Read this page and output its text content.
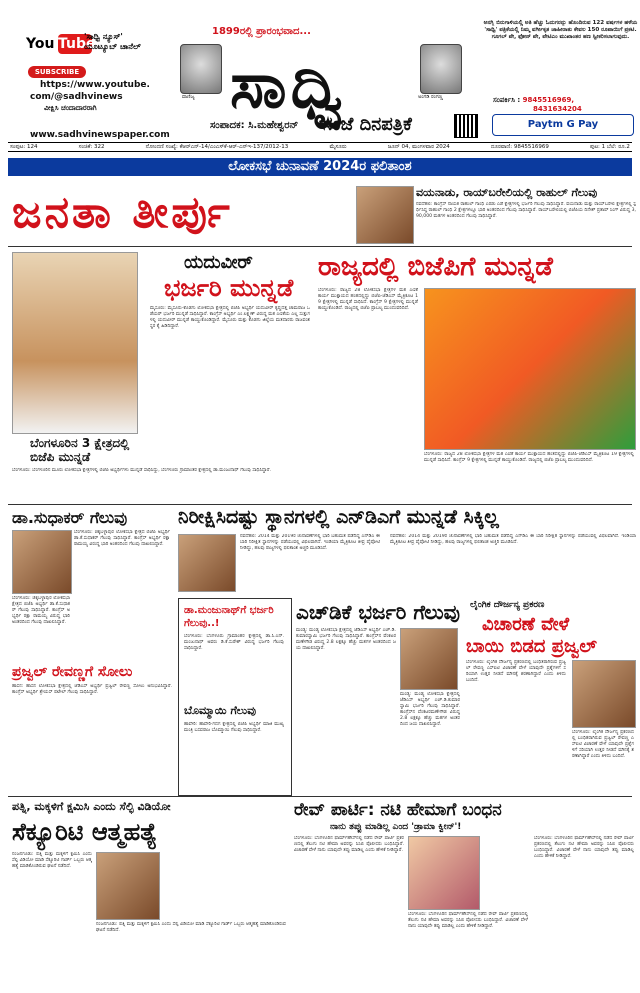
You Tube
'ಸಾಧ್ವಿ ನ್ಯೂಸ್' ಯೂಟ್ಯೂಬ್ ಚಾನೆಲ್
SUBSCRIBE
https://www.youtube.
com/@sadhvinews
ವೀಕ್ಷಿಸಿ ಚಂದಾದಾರರಾಗಿ
www.sadhvinewspaper.com
1899ರಲ್ಲಿ ಪ್ರಾರಂಭವಾದ...
ವಾಣಿಜ್ಯ ಸಾಧ್ವಿ	ಅಂಗಡಿ ರಂಗಣ್ಣ
ಸಂಪಾದಕ: ಸಿ.ಮಹೇಶ್ವರನ್ ಸಂಜೆ ದಿನಪತ್ರಿಕೆ
ಅನಗ್ನಿ ಬಿರುಗಾಳಿಯಲ್ಲಿ ಅತಿ ಹೆಚ್ಚು ಓದುಗರನ್ನು ಹೊಂದಿರುವ 122 ವರ್ಷಗಳ ಹಳೆಯ 'ಸಾಧ್ವಿ' ಪತ್ರಿಕೆಯಲ್ಲಿ ನಿಮ್ಮ ವರ್ಗೀಕೃತ ಜಾಹೀರಾತು ಕೇವಲ 150 ರೂಪಾಯಿಗೆ ಪ್ರಕಟಿ. ಗೂಗಲ್ ಪೇ, ಫೋನ್ ಪೇ, ಪೇಟಿಎಂ ಮುಖಾಂತರ ಹಣ ಸ್ವೀಕರಿಸಲಾಗುವುದು.
ಸಂಪರ್ಕಿಸಿ : 9845516969,
8431634204
Paytm G Pay
ಸಂಪುಟ: 124	ಸಂಚಿಕೆ: 322	ನೋಂದಣಿ ಸಂಖ್ಯೆ: ಕೆಆರ್‌ಎನ್-14/ಎಂಎಸ್‌ಕೆ-ಆರ್-ಎನ್ಇ-137/2012-13	ಮೈಸೂರು	ಜೂನ್ 04, ಮಂಗಳವಾರ 2024	ದೂರವಾಣಿ: 9845516969	ಪುಟ: 1 ಬೆಲೆ: ರೂ.2
ಲೋಕಸಭೆ ಚುನಾವಣೆ 2024ರ ಫಲಿತಾಂಶ
ಜನತಾ ತೀರ್ಪು	ವಯನಾಡು, ರಾಯ್‌ಬರೇಲಿಯಲ್ಲಿ ರಾಹುಲ್ ಗೆಲುವು
ನವದೆಹಲಿ: ಕಾಂಗ್ರೆಸ್ ನಾಯಕ ರಾಹುಲ್ ಗಾಂಧಿ ಎರಡು ಎಡೆ ಕ್ಷೇತ್ರಗಳಲ್ಲಿ ಭರ್ಜರಿ ಗೆಲುವು ಸಾಧಿಸಿದ್ದಾರೆ. ವಯನಾಡು ಮತ್ತು ರಾಯ್‌ಬರೇಲಿ ಕ್ಷೇತ್ರಗಳಲ್ಲಿ ಸ್ಪರ್ಧಿಸಿದ್ದ ರಾಹುಲ್ ಗಾಂಧಿ 2 ಕ್ಷೇತ್ರಗಳಲ್ಲೂ ಭಾರಿ ಅಂತರದಿಂದ ಗೆಲುವು ಸಾಧಿಸಿದ್ದಾರೆ. ರಾಯ್‌ಬರೇಲಿಯಲ್ಲಿ ಬಿಜೆಪಿಯ ದಿನೇಶ್ ಪ್ರತಾಪ್ ಸಿಂಗ್ ವಿರುದ್ಧ 3,90,000 ಮತಗಳ ಅಂತರದಿಂದ ಗೆಲುವು ಸಾಧಿಸಿದ್ದಾರೆ.
ಯದುವೀರ್
ಭರ್ಜರಿ ಮುನ್ನಡೆ
ಮೈಸೂರು: ಮೈಸೂರು-ಕೊಡಗು ಲೋಕಸಭಾ ಕ್ಷೇತ್ರದಲ್ಲಿ ಬಿಜೆಪಿ ಅಭ್ಯರ್ಥಿ ಯದುವೀರ್ ಕೃಷ್ಣದತ್ತ ಚಾಮರಾಜ ಒಡೆಯರ್ ಭರ್ಜರಿ ಮುನ್ನಡೆ ಸಾಧಿಸಿದ್ದಾರೆ. ಕಾಂಗ್ರೆಸ್ ಅಭ್ಯರ್ಥಿ ಎಂ.ಲಕ್ಷ್ಮಣ್ ವಿರುದ್ಧ ಮತ ಎಣಿಕೆಯ ಎಲ್ಲ ಸುತ್ತುಗಳಲ್ಲಿ ಯದುವೀರ್ ಮುನ್ನಡೆ ಕಾಯ್ದುಕೊಂಡಿದ್ದಾರೆ. ಮೈಸೂರು ಮತ್ತು ಕೊಡಗು ಜಿಲ್ಲೆಯ ಮತದಾರರು ರಾಜವಂಶಸ್ಥರ ಕೈ ಹಿಡಿದಿದ್ದಾರೆ.
ಬೆಂಗಳೂರಿನ 3 ಕ್ಷೇತ್ರದಲ್ಲಿ ಬಿಜೆಪಿ ಮುನ್ನಡೆ
ಬೆಂಗಳೂರು: ಬೆಂಗಳೂರಿನ ಮೂರು ಲೋಕಸಭಾ ಕ್ಷೇತ್ರಗಳಲ್ಲಿ ಬಿಜೆಪಿ ಅಭ್ಯರ್ಥಿಗಳು ಮುನ್ನಡೆ ಸಾಧಿಸಿದ್ದು, ಬೆಂಗಳೂರು ಗ್ರಾಮಾಂತರ ಕ್ಷೇತ್ರದಲ್ಲಿ ಡಾ.ಮಂಜುನಾಥ್ ಗೆಲುವು ಸಾಧಿಸಿದ್ದಾರೆ.
ರಾಜ್ಯದಲ್ಲಿ ಬಿಜೆಪಿಗೆ ಮುನ್ನಡೆ
ಬೆಂಗಳೂರು: ರಾಜ್ಯದ 28 ಲೋಕಸಭಾ ಕ್ಷೇತ್ರಗಳ ಮತ ಎಣಿಕೆ ಕಾರ್ಯ ಮುಕ್ತಾಯದ ಹಂತದಲ್ಲಿದ್ದು ಬಿಜೆಪಿ-ಜೆಡಿಎಸ್ ಮೈತ್ರಿಕೂಟ 19 ಕ್ಷೇತ್ರಗಳಲ್ಲಿ ಮುನ್ನಡೆ ಸಾಧಿಸಿದೆ. ಕಾಂಗ್ರೆಸ್ 9 ಕ್ಷೇತ್ರಗಳಲ್ಲಿ ಮುನ್ನಡೆ ಕಾಯ್ದುಕೊಂಡಿದೆ. ರಾಜ್ಯದಲ್ಲಿ ಬಿಜೆಪಿ ಪ್ರಾಬಲ್ಯ ಮುಂದುವರಿದಿದೆ.
ಬೆಂಗಳೂರು: ರಾಜ್ಯದ 28 ಲೋಕಸಭಾ ಕ್ಷೇತ್ರಗಳ ಮತ ಎಣಿಕೆ ಕಾರ್ಯ ಮುಕ್ತಾಯದ ಹಂತದಲ್ಲಿದ್ದು ಬಿಜೆಪಿ-ಜೆಡಿಎಸ್ ಮೈತ್ರಿಕೂಟ 19 ಕ್ಷೇತ್ರಗಳಲ್ಲಿ ಮುನ್ನಡೆ ಸಾಧಿಸಿದೆ. ಕಾಂಗ್ರೆಸ್ 9 ಕ್ಷೇತ್ರಗಳಲ್ಲಿ ಮುನ್ನಡೆ ಕಾಯ್ದುಕೊಂಡಿದೆ. ರಾಜ್ಯದಲ್ಲಿ ಬಿಜೆಪಿ ಪ್ರಾಬಲ್ಯ ಮುಂದುವರಿದಿದೆ.
ಡಾ.ಸುಧಾಕರ್ ಗೆಲುವು
ಬೆಂಗಳೂರು: ಚಿಕ್ಕಬಳ್ಳಾಪುರ ಲೋಕಸಭಾ ಕ್ಷೇತ್ರದ ಬಿಜೆಪಿ ಅಭ್ಯರ್ಥಿ ಡಾ.ಕೆ.ಸುಧಾಕರ್ ಗೆಲುವು ಸಾಧಿಸಿದ್ದಾರೆ. ಕಾಂಗ್ರೆಸ್ ಅಭ್ಯರ್ಥಿ ರಕ್ಷಾ ರಾಮಯ್ಯ ವಿರುದ್ಧ ಭಾರಿ ಅಂತರದಿಂದ ಗೆಲುವು ದಾಖಲಿಸಿದ್ದಾರೆ.
ಬೆಂಗಳೂರು: ಚಿಕ್ಕಬಳ್ಳಾಪುರ ಲೋಕಸಭಾ ಕ್ಷೇತ್ರದ ಬಿಜೆಪಿ ಅಭ್ಯರ್ಥಿ ಡಾ.ಕೆ.ಸುಧಾಕರ್ ಗೆಲುವು ಸಾಧಿಸಿದ್ದಾರೆ. ಕಾಂಗ್ರೆಸ್ ಅಭ್ಯರ್ಥಿ ರಕ್ಷಾ ರಾಮಯ್ಯ ವಿರುದ್ಧ ಭಾರಿ ಅಂತರದಿಂದ ಗೆಲುವು ದಾಖಲಿಸಿದ್ದಾರೆ.
ಪ್ರಜ್ವಲ್ ರೇವಣ್ಣಗೆ ಸೋಲು
ಹಾಸನ: ಹಾಸನ ಲೋಕಸಭಾ ಕ್ಷೇತ್ರದಲ್ಲಿ ಜೆಡಿಎಸ್ ಅಭ್ಯರ್ಥಿ ಪ್ರಜ್ವಲ್ ರೇವಣ್ಣ ಸೋಲು ಅನುಭವಿಸಿದ್ದಾರೆ. ಕಾಂಗ್ರೆಸ್ ಅಭ್ಯರ್ಥಿ ಶ್ರೇಯಸ್ ಪಟೇಲ್ ಗೆಲುವು ಸಾಧಿಸಿದ್ದಾರೆ.
ನಿರೀಕ್ಷಿಸಿದಷ್ಟು ಸ್ಥಾನಗಳಲ್ಲಿ ಎನ್‌ಡಿಎಗೆ ಮುನ್ನಡೆ ಸಿಕ್ಕಿಲ್ಲ
ನವದೆಹಲಿ: 2014 ಮತ್ತು 2019ರ ಚುನಾವಣೆಗಳಲ್ಲಿ ಭಾರಿ ಬಹುಮತ ಪಡೆದಿದ್ದ ಎನ್‌ಡಿಎ ಈ ಬಾರಿ ನಿರೀಕ್ಷಿತ ಸ್ಥಾನಗಳನ್ನು ಪಡೆಯುವಲ್ಲಿ ವಿಫಲವಾಗಿದೆ. ಇಂಡಿಯಾ ಮೈತ್ರಿಕೂಟ ತೀವ್ರ ಪೈಪೋಟಿ ನೀಡಿದ್ದು, ಹಲವು ರಾಜ್ಯಗಳಲ್ಲಿ ಫಲಿತಾಂಶ ಅಚ್ಚರಿ ಮೂಡಿಸಿದೆ.
ನವದೆಹಲಿ: 2014 ಮತ್ತು 2019ರ ಚುನಾವಣೆಗಳಲ್ಲಿ ಭಾರಿ ಬಹುಮತ ಪಡೆದಿದ್ದ ಎನ್‌ಡಿಎ ಈ ಬಾರಿ ನಿರೀಕ್ಷಿತ ಸ್ಥಾನಗಳನ್ನು ಪಡೆಯುವಲ್ಲಿ ವಿಫಲವಾಗಿದೆ. ಇಂಡಿಯಾ ಮೈತ್ರಿಕೂಟ ತೀವ್ರ ಪೈಪೋಟಿ ನೀಡಿದ್ದು, ಹಲವು ರಾಜ್ಯಗಳಲ್ಲಿ ಫಲಿತಾಂಶ ಅಚ್ಚರಿ ಮೂಡಿಸಿದೆ.
ಡಾ.ಮಂಜುನಾಥ್‌ಗೆ ಭರ್ಜರಿ ಗೆಲುವು..!
ಬೆಂಗಳೂರು: ಬೆಂಗಳೂರು ಗ್ರಾಮಾಂತರ ಕ್ಷೇತ್ರದಲ್ಲಿ ಡಾ.ಸಿ.ಎನ್.ಮಂಜುನಾಥ್ ಅವರು ಡಿ.ಕೆ.ಸುರೇಶ್ ವಿರುದ್ಧ ಭರ್ಜರಿ ಗೆಲುವು ಸಾಧಿಸಿದ್ದಾರೆ.
ಬೊಮ್ಮಾಯಿ ಗೆಲುವು
ಹಾವೇರಿ: ಹಾವೇರಿ-ಗದಗ ಕ್ಷೇತ್ರದಲ್ಲಿ ಬಿಜೆಪಿ ಅಭ್ಯರ್ಥಿ ಮಾಜಿ ಮುಖ್ಯಮಂತ್ರಿ ಬಸವರಾಜ ಬೊಮ್ಮಾಯಿ ಗೆಲುವು ಸಾಧಿಸಿದ್ದಾರೆ.
ಎಚ್‌ಡಿಕೆ ಭರ್ಜರಿ ಗೆಲುವು
ಮಂಡ್ಯ: ಮಂಡ್ಯ ಲೋಕಸಭಾ ಕ್ಷೇತ್ರದಲ್ಲಿ ಜೆಡಿಎಸ್ ಅಭ್ಯರ್ಥಿ ಎಚ್.ಡಿ.ಕುಮಾರಸ್ವಾಮಿ ಭರ್ಜರಿ ಗೆಲುವು ಸಾಧಿಸಿದ್ದಾರೆ. ಕಾಂಗ್ರೆಸ್‌ನ ವೆಂಕಟರಮಣೇಗೌಡ ವಿರುದ್ಧ 2.8 ಲಕ್ಷಕ್ಕೂ ಹೆಚ್ಚು ಮತಗಳ ಅಂತರದಿಂದ ಜಯ ದಾಖಲಿಸಿದ್ದಾರೆ.
ಮಂಡ್ಯ: ಮಂಡ್ಯ ಲೋಕಸಭಾ ಕ್ಷೇತ್ರದಲ್ಲಿ ಜೆಡಿಎಸ್ ಅಭ್ಯರ್ಥಿ ಎಚ್.ಡಿ.ಕುಮಾರಸ್ವಾಮಿ ಭರ್ಜರಿ ಗೆಲುವು ಸಾಧಿಸಿದ್ದಾರೆ. ಕಾಂಗ್ರೆಸ್‌ನ ವೆಂಕಟರಮಣೇಗೌಡ ವಿರುದ್ಧ 2.8 ಲಕ್ಷಕ್ಕೂ ಹೆಚ್ಚು ಮತಗಳ ಅಂತರದಿಂದ ಜಯ ದಾಖಲಿಸಿದ್ದಾರೆ.
ಲೈಂಗಿಕ ದೌರ್ಜನ್ಯ ಪ್ರಕರಣ
ವಿಚಾರಣೆ ವೇಳೆ
ಬಾಯಿ ಬಿಡದ ಪ್ರಜ್ವಲ್
ಬೆಂಗಳೂರು: ಲೈಂಗಿಕ ದೌರ್ಜನ್ಯ ಪ್ರಕರಣದಲ್ಲಿ ಬಂಧಿತರಾಗಿರುವ ಪ್ರಜ್ವಲ್ ರೇವಣ್ಣ ಎಸ್‌ಐಟಿ ವಿಚಾರಣೆ ವೇಳೆ ಯಾವುದೇ ಪ್ರಶ್ನೆಗಳಿಗೆ ಸರಿಯಾಗಿ ಉತ್ತರ ನೀಡದೆ ಮೌನಕ್ಕೆ ಶರಣಾಗಿದ್ದಾರೆ ಎಂದು ತಿಳಿದು ಬಂದಿದೆ.
ಬೆಂಗಳೂರು: ಲೈಂಗಿಕ ದೌರ್ಜನ್ಯ ಪ್ರಕರಣದಲ್ಲಿ ಬಂಧಿತರಾಗಿರುವ ಪ್ರಜ್ವಲ್ ರೇವಣ್ಣ ಎಸ್‌ಐಟಿ ವಿಚಾರಣೆ ವೇಳೆ ಯಾವುದೇ ಪ್ರಶ್ನೆಗಳಿಗೆ ಸರಿಯಾಗಿ ಉತ್ತರ ನೀಡದೆ ಮೌನಕ್ಕೆ ಶರಣಾಗಿದ್ದಾರೆ ಎಂದು ತಿಳಿದು ಬಂದಿದೆ.
ಪತ್ನಿ, ಮಕ್ಕಳಿಗೆ ಕ್ಷಮಿಸಿ ಎಂದು ಸೆಲ್ಫಿ ವಿಡಿಯೋ
ಸೆಕ್ಯೂರಿಟಿ ಆತ್ಮಹತ್ಯೆ
ನಂಜನಗೂಡು: ಪತ್ನಿ ಮತ್ತು ಮಕ್ಕಳಿಗೆ ಕ್ಷಮಿಸಿ ಎಂದು ಸೆಲ್ಫಿ ವಿಡಿಯೋ ಮಾಡಿ ಸೆಕ್ಯೂರಿಟಿ ಗಾರ್ಡ್ ಒಬ್ಬರು ಆತ್ಮಹತ್ಯೆ ಮಾಡಿಕೊಂಡಿರುವ ಘಟನೆ ನಡೆದಿದೆ.
ನಂಜನಗೂಡು: ಪತ್ನಿ ಮತ್ತು ಮಕ್ಕಳಿಗೆ ಕ್ಷಮಿಸಿ ಎಂದು ಸೆಲ್ಫಿ ವಿಡಿಯೋ ಮಾಡಿ ಸೆಕ್ಯೂರಿಟಿ ಗಾರ್ಡ್ ಒಬ್ಬರು ಆತ್ಮಹತ್ಯೆ ಮಾಡಿಕೊಂಡಿರುವ ಘಟನೆ ನಡೆದಿದೆ.
ರೇವ್ ಪಾರ್ಟಿ: ನಟಿ ಹೇಮಾಗೆ ಬಂಧನ
ನಾನು ತಪ್ಪು ಮಾಡಿಲ್ಲ ಎಂದ 'ಡ್ರಾಮಾ ಕ್ವೀನ್'!
ಬೆಂಗಳೂರು: ಬೆಂಗಳೂರಿನ ಫಾರ್ಮ್‌ಹೌಸ್‌ನಲ್ಲಿ ನಡೆದ ರೇವ್ ಪಾರ್ಟಿ ಪ್ರಕರಣದಲ್ಲಿ ತೆಲುಗು ನಟಿ ಹೇಮಾ ಅವರನ್ನು ಸಿಸಿಬಿ ಪೊಲೀಸರು ಬಂಧಿಸಿದ್ದಾರೆ. ವಿಚಾರಣೆ ವೇಳೆ ನಾನು ಯಾವುದೇ ತಪ್ಪು ಮಾಡಿಲ್ಲ ಎಂದು ಹೇಳಿಕೆ ನೀಡಿದ್ದಾರೆ.
ಬೆಂಗಳೂರು: ಬೆಂಗಳೂರಿನ ಫಾರ್ಮ್‌ಹೌಸ್‌ನಲ್ಲಿ ನಡೆದ ರೇವ್ ಪಾರ್ಟಿ ಪ್ರಕರಣದಲ್ಲಿ ತೆಲುಗು ನಟಿ ಹೇಮಾ ಅವರನ್ನು ಸಿಸಿಬಿ ಪೊಲೀಸರು ಬಂಧಿಸಿದ್ದಾರೆ. ವಿಚಾರಣೆ ವೇಳೆ ನಾನು ಯಾವುದೇ ತಪ್ಪು ಮಾಡಿಲ್ಲ ಎಂದು ಹೇಳಿಕೆ ನೀಡಿದ್ದಾರೆ.
ಬೆಂಗಳೂರು: ಬೆಂಗಳೂರಿನ ಫಾರ್ಮ್‌ಹೌಸ್‌ನಲ್ಲಿ ನಡೆದ ರೇವ್ ಪಾರ್ಟಿ ಪ್ರಕರಣದಲ್ಲಿ ತೆಲುಗು ನಟಿ ಹೇಮಾ ಅವರನ್ನು ಸಿಸಿಬಿ ಪೊಲೀಸರು ಬಂಧಿಸಿದ್ದಾರೆ. ವಿಚಾರಣೆ ವೇಳೆ ನಾನು ಯಾವುದೇ ತಪ್ಪು ಮಾಡಿಲ್ಲ ಎಂದು ಹೇಳಿಕೆ ನೀಡಿದ್ದಾರೆ.
